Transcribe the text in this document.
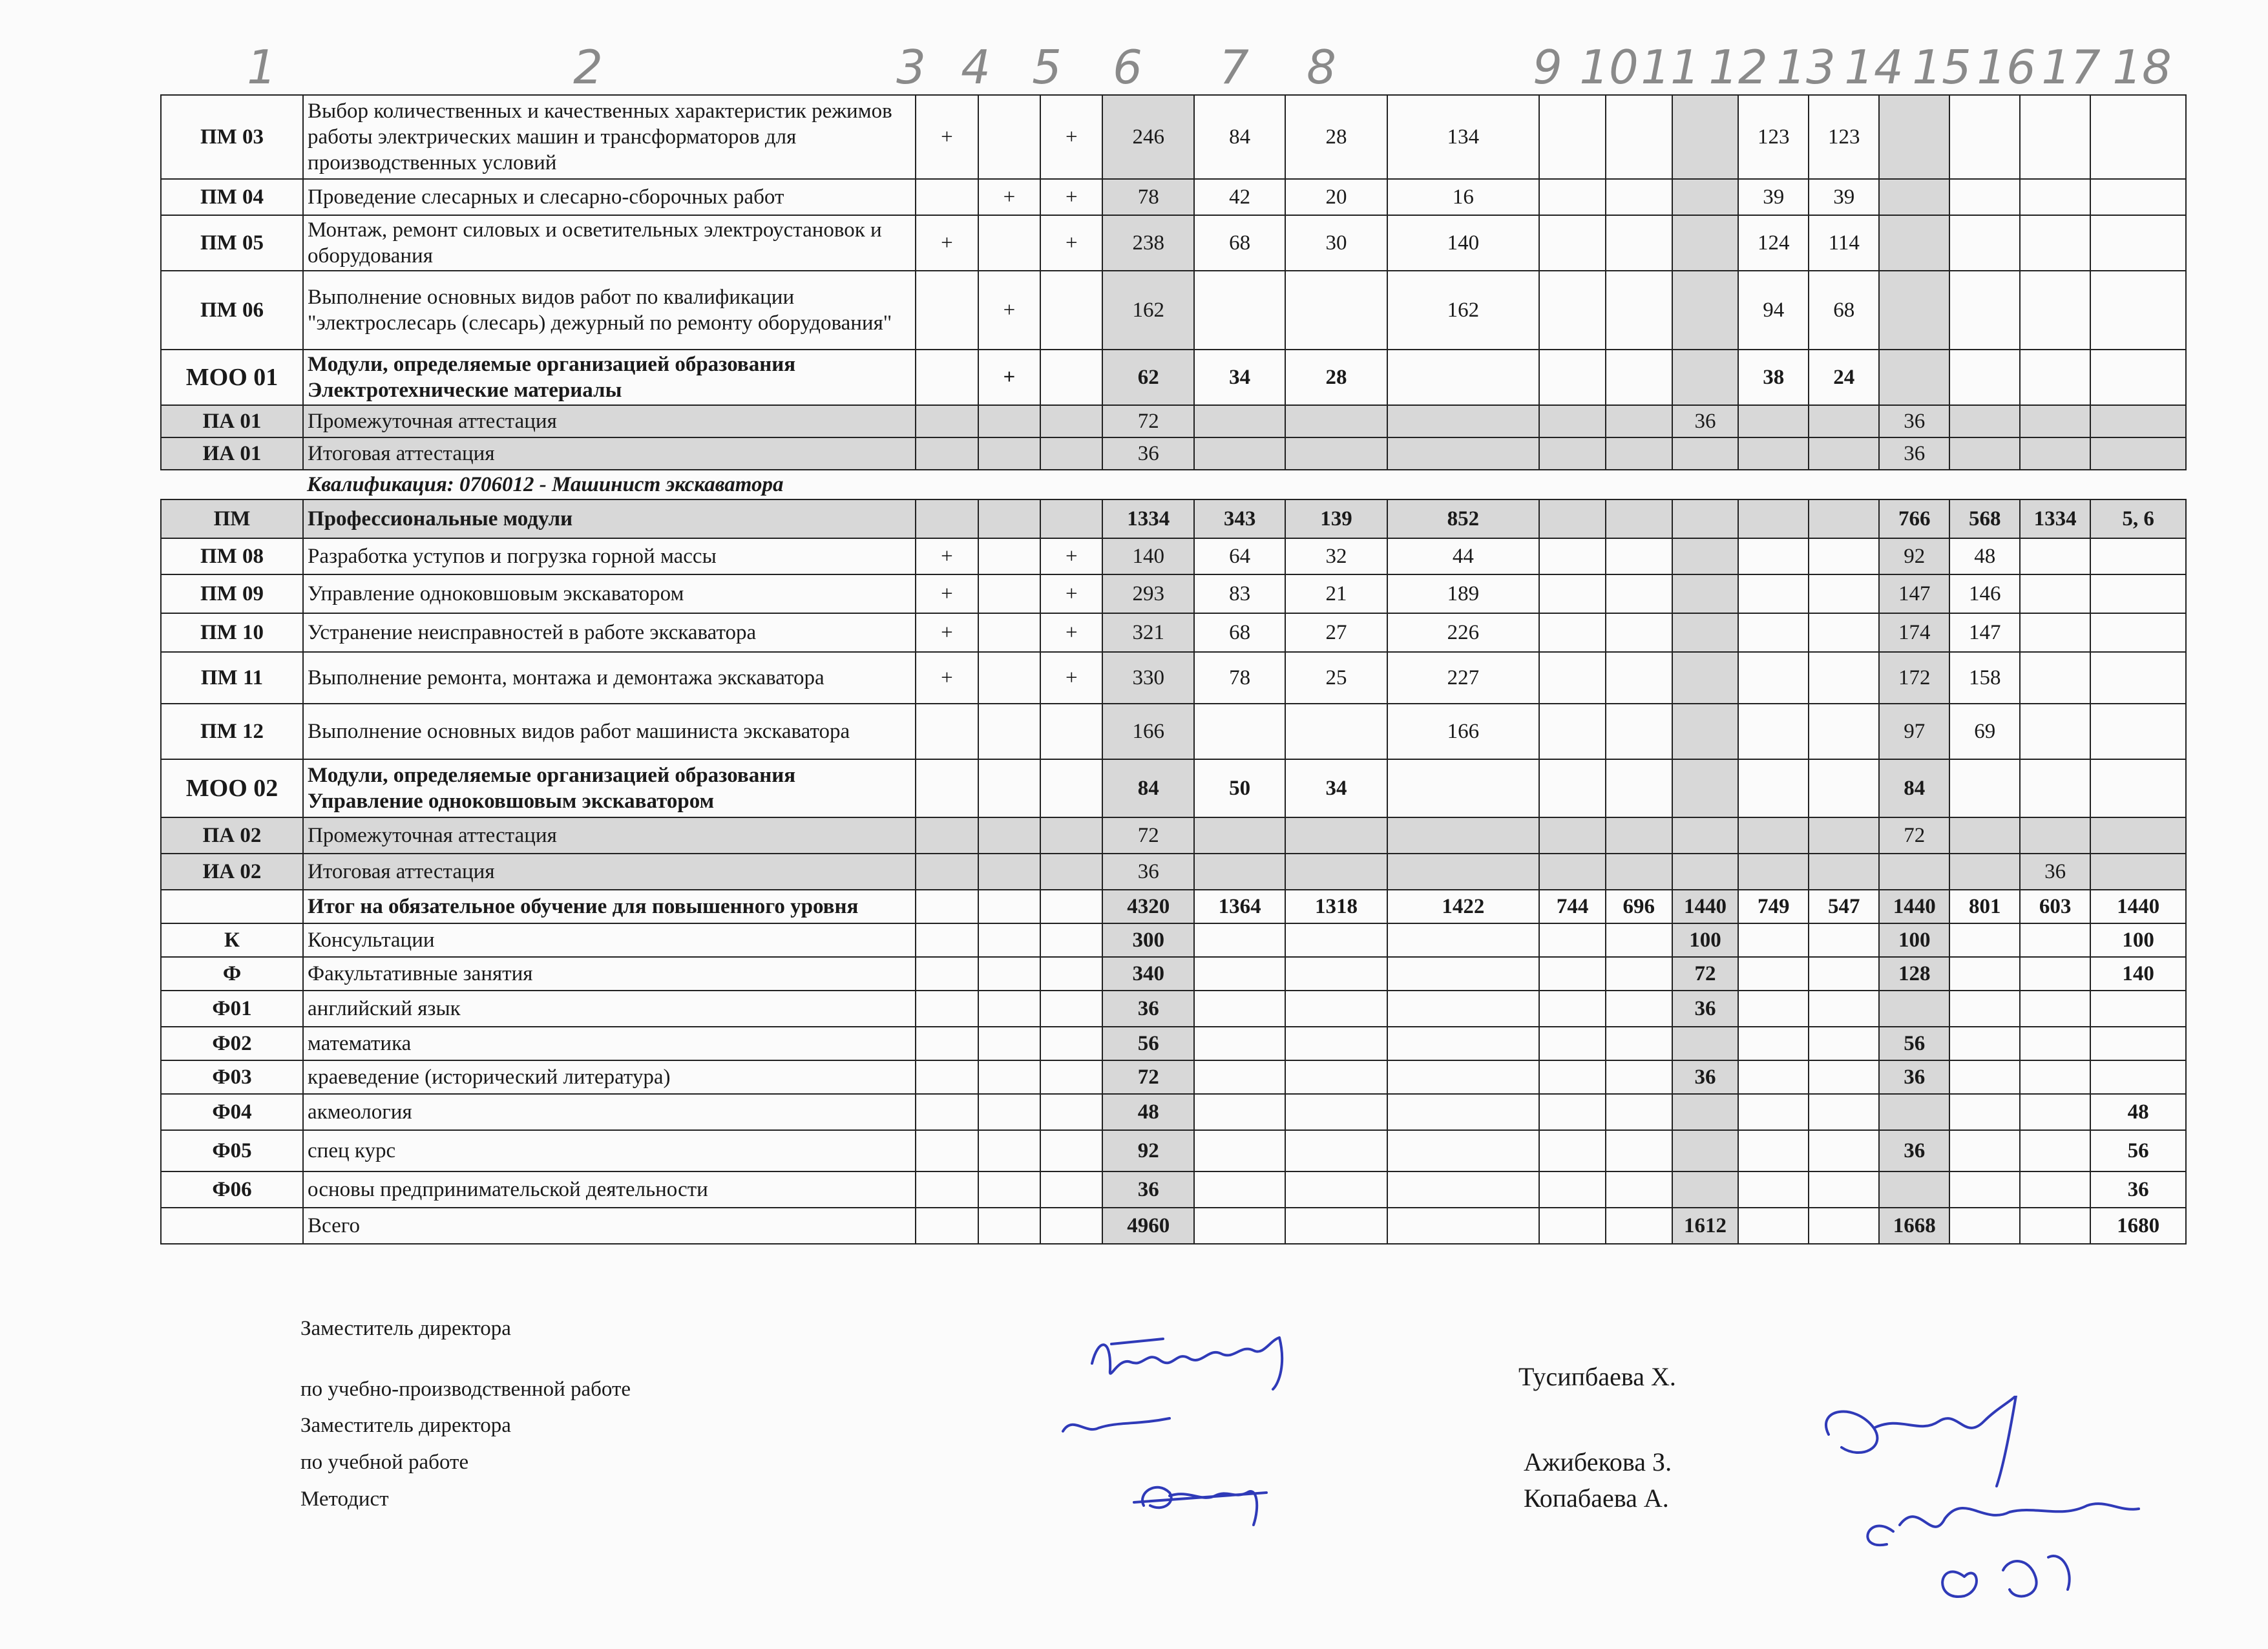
1	2	3 4 5 6 7 8	9 10 11 12 13 14 15 16 17 18
ПМ 03	Выбор количественных и качественных характеристик режимов работы электрических машин и трансформаторов для производственных условий	+		+	246	84	28	134				123	123				
ПМ 04	Проведение слесарных и слесарно-сборочных работ		+	+	78	42	20	16				39	39				
ПМ 05	Монтаж, ремонт силовых и осветительных электроустановок и оборудования	+		+	238	68	30	140				124	114				
ПМ 06	Выполнение основных видов работ по квалификации "электрослесарь (слесарь) дежурный по ремонту оборудования"		+		162			162				94	68				
МОО 01	Модули, определяемые организацией образования Электротехнические материалы		+		62	34	28					38	24				
ПА 01	Промежуточная аттестация				72						36			36			
ИА 01	Итоговая аттестация				36									36			
	Квалификация: 0706012 - Машинист экскаватора																
ПМ	Профессиональные модули				1334	343	139	852						766	568	1334	5, 6
ПМ 08	Разработка уступов и погрузка горной массы	+		+	140	64	32	44						92	48		
ПМ 09	Управление одноковшовым экскаватором	+		+	293	83	21	189						147	146		
ПМ 10	Устранение неисправностей в работе экскаватора	+		+	321	68	27	226						174	147		
ПМ 11	Выполнение ремонта, монтажа и демонтажа экскаватора	+		+	330	78	25	227						172	158		
ПМ 12	Выполнение основных видов работ машиниста экскаватора				166			166						97	69		
МОО 02	Модули, определяемые организацией образования Управление одноковшовым экскаватором				84	50	34							84			
ПА 02	Промежуточная аттестация				72									72			
ИА 02	Итоговая аттестация				36											36	
	Итог на обязательное обучение для повышенного уровня				4320	1364	1318	1422	744	696	1440	749	547	1440	801	603	1440
К	Консультации				300						100			100			100
Ф	Факультативные занятия				340						72			128			140
Ф01	английский язык				36						36						
Ф02	математика				56									56			
Ф03	краеведение (исторический литература)				72						36			36			
Ф04	акмеология				48												48
Ф05	спец курс				92									36			56
Ф06	основы предпринимательской деятельности				36												36
	Всего				4960						1612			1668			1680
Заместитель директора
по учебно-производственной работе
Заместитель директора
по учебной работе
Методист
Тусипбаева Х.
Ажибекова З.
Копабаева А.
